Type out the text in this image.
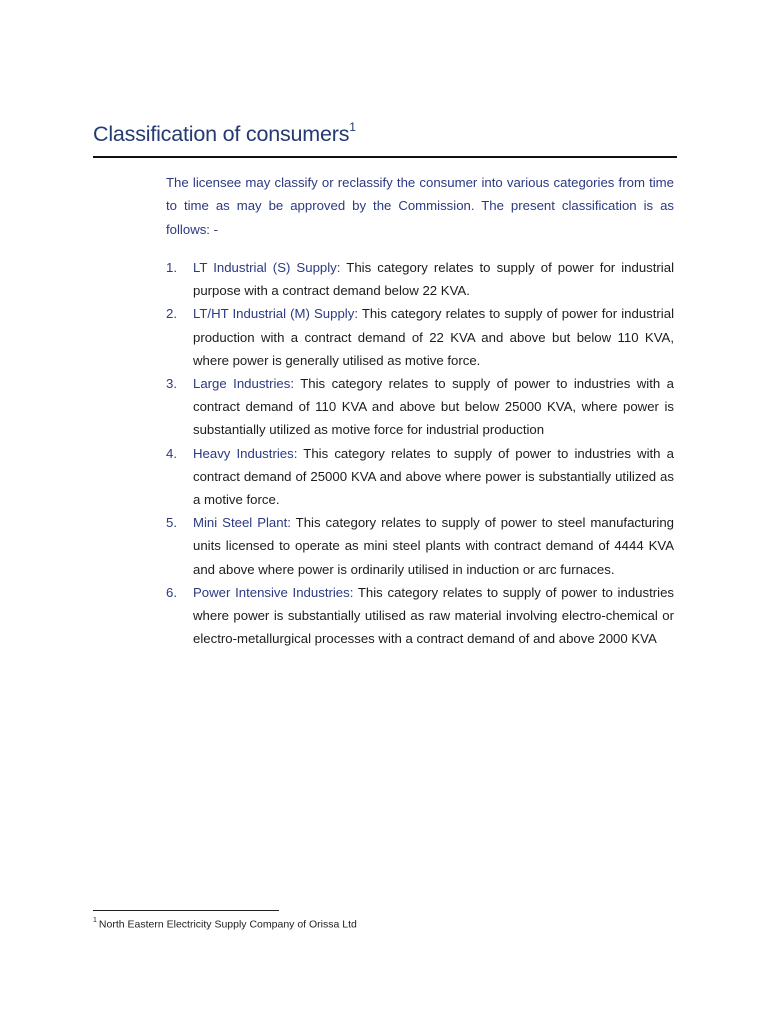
Classification of consumers$^1$

The licensee may classify or reclassify the consumer into various categories from time to time as may be approved by the Commission. The present classification is as follows: -

1.	LT Industrial (S) Supply: This category relates to supply of power for industrial purpose with a contract demand below 22 KVA.
2.	LT/HT Industrial (M) Supply: This category relates to supply of power for industrial production with a contract demand of 22 KVA and above but below 110 KVA, where power is generally utilised as motive force.
3.	Large Industries: This category relates to supply of power to industries with a contract demand of 110 KVA and above but below 25000 KVA, where power is substantially utilized as motive force for industrial production
4.	Heavy Industries: This category relates to supply of power to industries with a contract demand of 25000 KVA and above where power is substantially utilized as a motive force.
5.	Mini Steel Plant: This category relates to supply of power to steel manufacturing units licensed to operate as mini steel plants with contract demand of 4444 KVA and above where power is ordinarily utilised in induction or arc furnaces.
6.	Power Intensive Industries: This category relates to supply of power to industries where power is substantially utilised as raw material involving electro-chemical or electro-metallurgical processes with a contract demand of and above 2000 KVA
$^1$ North Eastern Electricity Supply Company of Orissa Ltd
